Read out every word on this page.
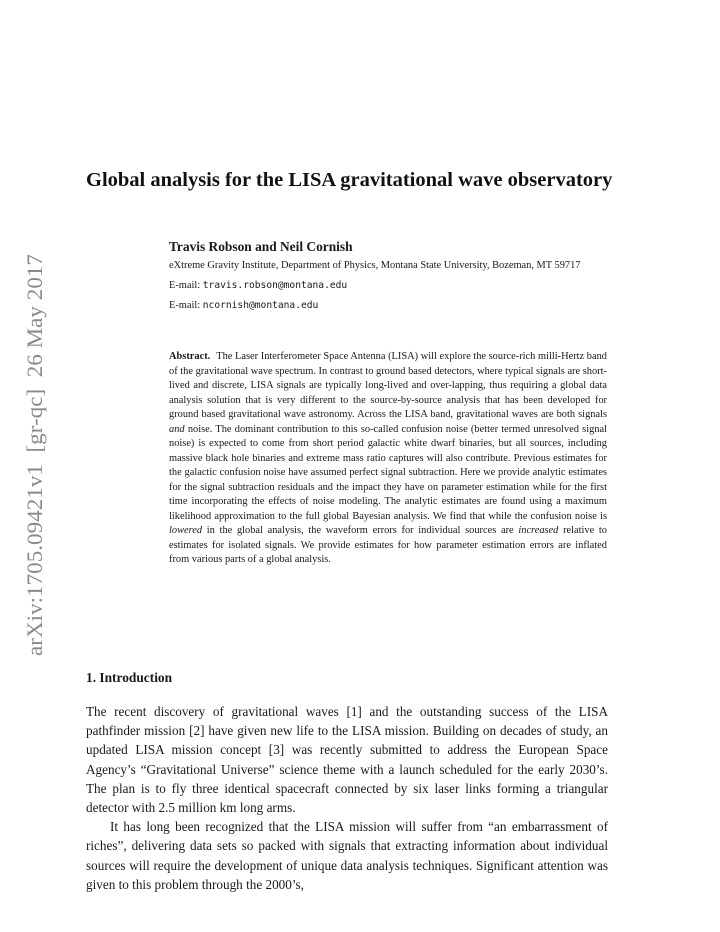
arXiv:1705.09421v1  [gr-qc]  26 May 2017
Global analysis for the LISA gravitational wave observatory

Travis Robson and Neil Cornish

eXtreme Gravity Institute, Department of Physics, Montana State University, Bozeman, MT 59717

E-mail: travis.robson@montana.edu

E-mail: ncornish@montana.edu

Abstract. The Laser Interferometer Space Antenna (LISA) will explore the source-rich milli-Hertz band of the gravitational wave spectrum. In contrast to ground based detectors, where typical signals are short-lived and discrete, LISA signals are typically long-lived and over-lapping, thus requiring a global data analysis solution that is very different to the source-by-source analysis that has been developed for ground based gravitational wave astronomy. Across the LISA band, gravitational waves are both signals and noise. The dominant contribution to this so-called confusion noise (better termed unresolved signal noise) is expected to come from short period galactic white dwarf binaries, but all sources, including massive black hole binaries and extreme mass ratio captures will also contribute. Previous estimates for the galactic confusion noise have assumed perfect signal subtraction. Here we provide analytic estimates for the signal subtraction residuals and the impact they have on parameter estimation while for the first time incorporating the effects of noise modeling. The analytic estimates are found using a maximum likelihood approximation to the full global Bayesian analysis. We find that while the confusion noise is lowered in the global analysis, the waveform errors for individual sources are increased relative to estimates for isolated signals. We provide estimates for how parameter estimation errors are inflated from various parts of a global analysis.

1. Introduction

The recent discovery of gravitational waves [1] and the outstanding success of the LISA pathfinder mission [2] have given new life to the LISA mission. Building on decades of study, an updated LISA mission concept [3] was recently submitted to address the European Space Agency’s “Gravitational Universe” science theme with a launch scheduled for the early 2030’s. The plan is to fly three identical spacecraft connected by six laser links forming a triangular detector with 2.5 million km long arms.

It has long been recognized that the LISA mission will suffer from “an embarrassment of riches”, delivering data sets so packed with signals that extracting information about individual sources will require the development of unique data analysis techniques. Significant attention was given to this problem through the 2000’s,
